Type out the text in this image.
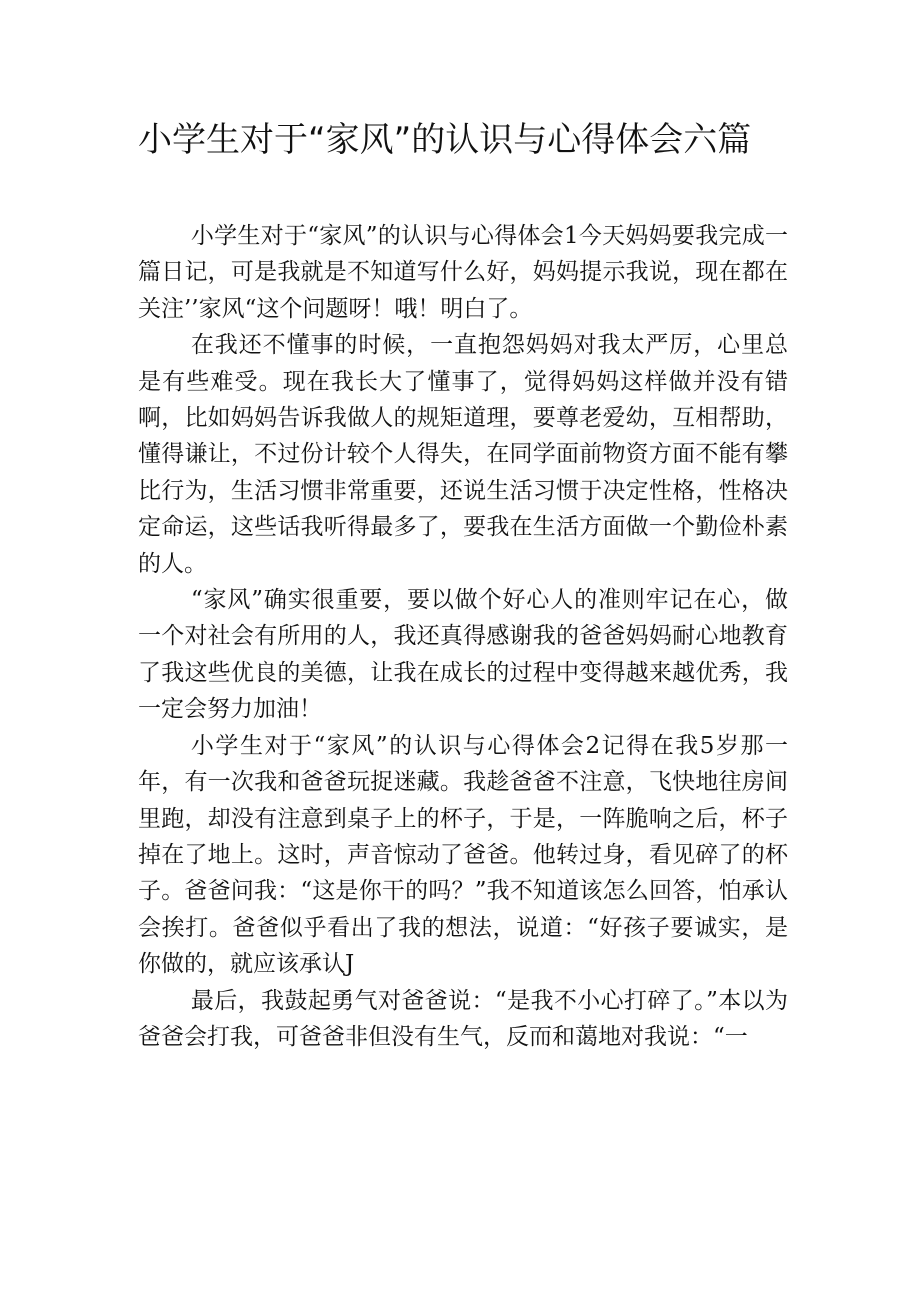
小学生对于“家风”的认识与心得体会六篇

小学生对于“家风”的认识与心得体会1今天妈妈要我完成一篇日记，可是我就是不知道写什么好，妈妈提示我说，现在都在关注’’家风“这个问题呀！哦！明白了。

在我还不懂事的时候，一直抱怨妈妈对我太严厉，心里总是有些难受。现在我长大了懂事了，觉得妈妈这样做并没有错啊，比如妈妈告诉我做人的规矩道理，要尊老爱幼，互相帮助，懂得谦让，不过份计较个人得失，在同学面前物资方面不能有攀比行为，生活习惯非常重要，还说生活习惯于决定性格，性格决定命运，这些话我听得最多了，要我在生活方面做一个勤俭朴素的人。

“家风”确实很重要，要以做个好心人的准则牢记在心，做一个对社会有所用的人，我还真得感谢我的爸爸妈妈耐心地教育了我这些优良的美德，让我在成长的过程中变得越来越优秀，我一定会努力加油！

小学生对于“家风”的认识与心得体会2记得在我5岁那一年，有一次我和爸爸玩捉迷藏。我趁爸爸不注意，飞快地往房间里跑，却没有注意到桌子上的杯子，于是，一阵脆响之后，杯子掉在了地上。这时，声音惊动了爸爸。他转过身，看见碎了的杯子。爸爸问我：“这是你干的吗？”我不知道该怎么回答，怕承认会挨打。爸爸似乎看出了我的想法，说道：“好孩子要诚实，是你做的，就应该承认J

最后，我鼓起勇气对爸爸说：“是我不小心打碎了。”本以为爸爸会打我，可爸爸非但没有生气，反而和蔼地对我说：“一
